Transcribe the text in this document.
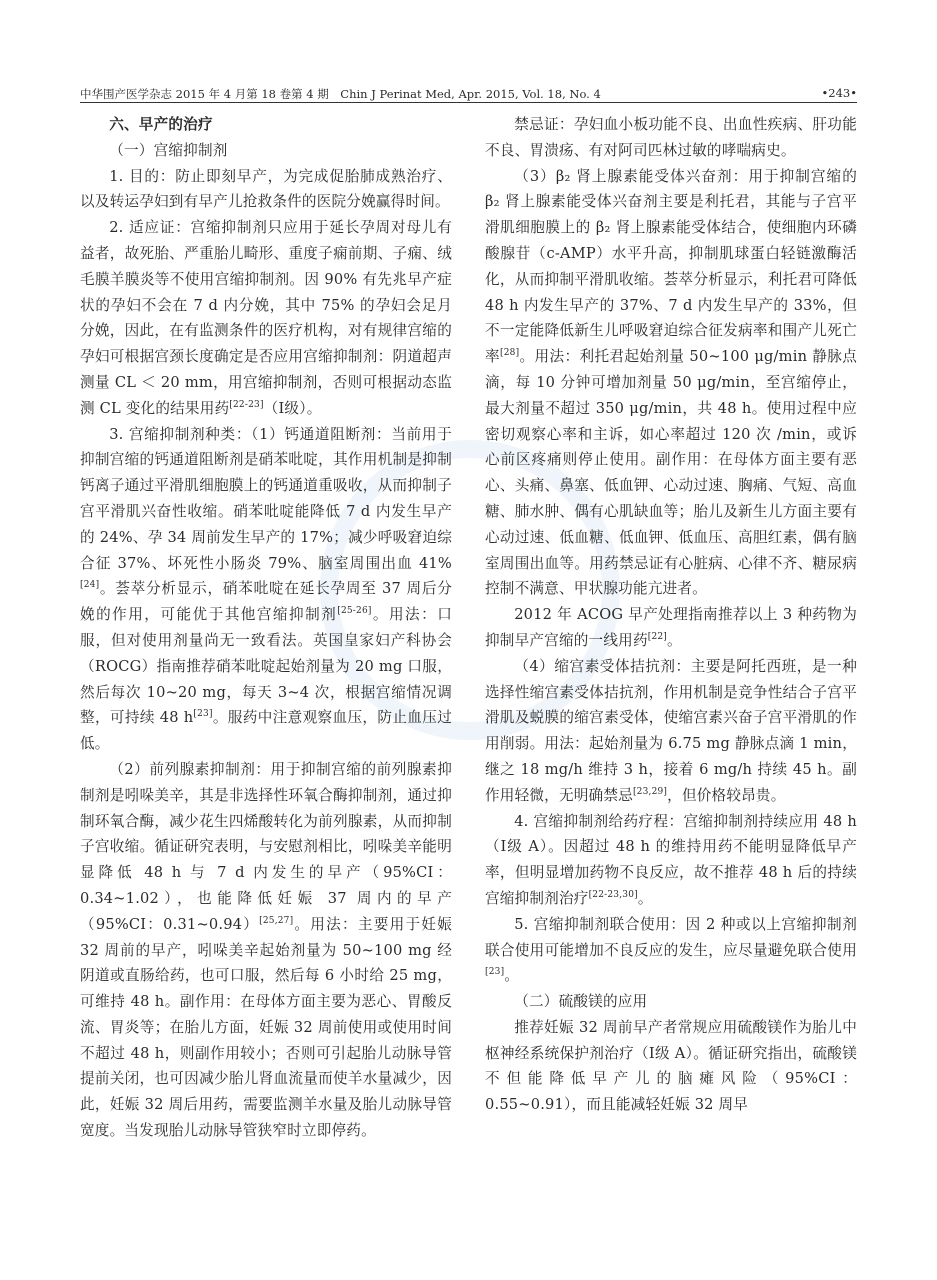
中华围产医学杂志 2015 年 4 月第 18 卷第 4 期　Chin J Perinat Med, Apr. 2015, Vol. 18, No. 4	•243•

六、早产的治疗

（一）宫缩抑制剂

1. 目的：防止即刻早产，为完成促胎肺成熟治疗、以及转运孕妇到有早产儿抢救条件的医院分娩赢得时间。

2. 适应证：宫缩抑制剂只应用于延长孕周对母儿有益者，故死胎、严重胎儿畸形、重度子痫前期、子痫、绒毛膜羊膜炎等不使用宫缩抑制剂。因 90% 有先兆早产症状的孕妇不会在 7 d 内分娩，其中 75% 的孕妇会足月分娩，因此，在有监测条件的医疗机构，对有规律宫缩的孕妇可根据宫颈长度确定是否应用宫缩抑制剂：阴道超声测量 CL ＜ 20 mm，用宫缩抑制剂，否则可根据动态监测 CL 变化的结果用药[22-23]（Ⅰ级）。

3. 宫缩抑制剂种类：（1）钙通道阻断剂：当前用于抑制宫缩的钙通道阻断剂是硝苯吡啶，其作用机制是抑制钙离子通过平滑肌细胞膜上的钙通道重吸收，从而抑制子宫平滑肌兴奋性收缩。硝苯吡啶能降低 7 d 内发生早产的 24%、孕 34 周前发生早产的 17%；减少呼吸窘迫综合征 37%、坏死性小肠炎 79%、脑室周围出血 41%[24]。荟萃分析显示，硝苯吡啶在延长孕周至 37 周后分娩的作用，可能优于其他宫缩抑制剂[25-26]。用法：口服，但对使用剂量尚无一致看法。英国皇家妇产科协会（ROCG）指南推荐硝苯吡啶起始剂量为 20 mg 口服，然后每次 10~20 mg，每天 3~4 次，根据宫缩情况调整，可持续 48 h[23]。服药中注意观察血压，防止血压过低。

（2）前列腺素抑制剂：用于抑制宫缩的前列腺素抑制剂是吲哚美辛，其是非选择性环氧合酶抑制剂，通过抑制环氧合酶，减少花生四烯酸转化为前列腺素，从而抑制子宫收缩。循证研究表明，与安慰剂相比，吲哚美辛能明显降低 48 h 与 7 d 内发生的早产（95%CI：0.34~1.02），也能降低妊娠 37 周内的早产（95%CI：0.31~0.94）[25,27]。用法：主要用于妊娠 32 周前的早产，吲哚美辛起始剂量为 50~100 mg 经阴道或直肠给药，也可口服，然后每 6 小时给 25 mg，可维持 48 h。副作用：在母体方面主要为恶心、胃酸反流、胃炎等；在胎儿方面，妊娠 32 周前使用或使用时间不超过 48 h，则副作用较小；否则可引起胎儿动脉导管提前关闭，也可因减少胎儿肾血流量而使羊水量减少，因此，妊娠 32 周后用药，需要监测羊水量及胎儿动脉导管宽度。当发现胎儿动脉导管狭窄时立即停药。

禁忌证：孕妇血小板功能不良、出血性疾病、肝功能不良、胃溃疡、有对阿司匹林过敏的哮喘病史。

（3）β₂ 肾上腺素能受体兴奋剂：用于抑制宫缩的 β₂ 肾上腺素能受体兴奋剂主要是利托君，其能与子宫平滑肌细胞膜上的 β₂ 肾上腺素能受体结合，使细胞内环磷酸腺苷（c-AMP）水平升高，抑制肌球蛋白轻链激酶活化，从而抑制平滑肌收缩。荟萃分析显示，利托君可降低 48 h 内发生早产的 37%、7 d 内发生早产的 33%，但不一定能降低新生儿呼吸窘迫综合征发病率和围产儿死亡率[28]。用法：利托君起始剂量 50~100 μg/min 静脉点滴，每 10 分钟可增加剂量 50 μg/min，至宫缩停止，最大剂量不超过 350 μg/min，共 48 h。使用过程中应密切观察心率和主诉，如心率超过 120 次 /min，或诉心前区疼痛则停止使用。副作用：在母体方面主要有恶心、头痛、鼻塞、低血钾、心动过速、胸痛、气短、高血糖、肺水肿、偶有心肌缺血等；胎儿及新生儿方面主要有心动过速、低血糖、低血钾、低血压、高胆红素，偶有脑室周围出血等。用药禁忌证有心脏病、心律不齐、糖尿病控制不满意、甲状腺功能亢进者。

2012 年 ACOG 早产处理指南推荐以上 3 种药物为抑制早产宫缩的一线用药[22]。

（4）缩宫素受体拮抗剂：主要是阿托西班，是一种选择性缩宫素受体拮抗剂，作用机制是竞争性结合子宫平滑肌及蜕膜的缩宫素受体，使缩宫素兴奋子宫平滑肌的作用削弱。用法：起始剂量为 6.75 mg 静脉点滴 1 min，继之 18 mg/h 维持 3 h，接着 6 mg/h 持续 45 h。副作用轻微，无明确禁忌[23,29]，但价格较昂贵。

4. 宫缩抑制剂给药疗程：宫缩抑制剂持续应用 48 h（Ⅰ级 A）。因超过 48 h 的维持用药不能明显降低早产率，但明显增加药物不良反应，故不推荐 48 h 后的持续宫缩抑制剂治疗[22-23,30]。

5. 宫缩抑制剂联合使用：因 2 种或以上宫缩抑制剂联合使用可能增加不良反应的发生，应尽量避免联合使用[23]。

（二）硫酸镁的应用

推荐妊娠 32 周前早产者常规应用硫酸镁作为胎儿中枢神经系统保护剂治疗（Ⅰ级 A）。循证研究指出，硫酸镁不但能降低早产儿的脑瘫风险（95%CI：0.55~0.91），而且能减轻妊娠 32 周早
